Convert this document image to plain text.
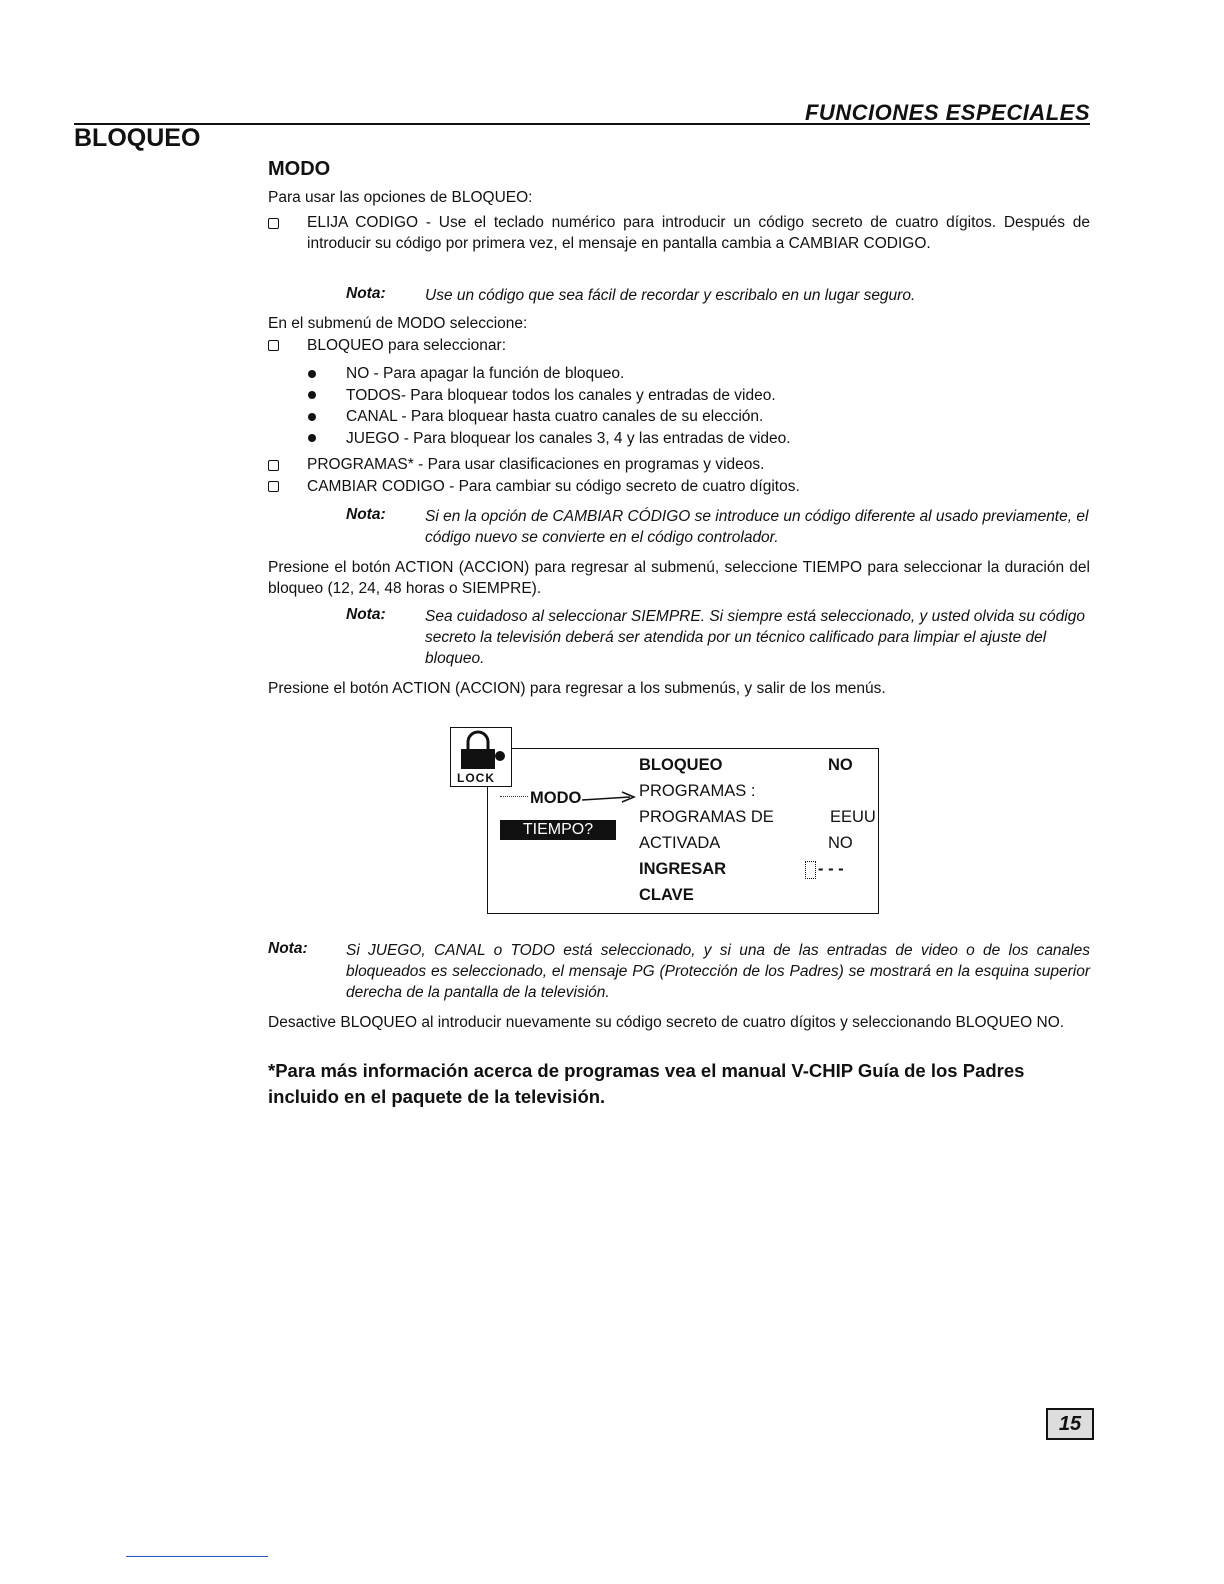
FUNCIONES ESPECIALES
BLOQUEO
MODO
Para usar las opciones de BLOQUEO:
ELIJA CODIGO - Use el teclado numérico para introducir un código secreto de cuatro dígitos. Después de introducir su código por primera vez, el mensaje en pantalla cambia a CAMBIAR CODIGO.
Nota:	Use un código que sea fácil de recordar y escribalo en un lugar seguro.
En el submenú de MODO seleccione:
BLOQUEO para seleccionar:
NO - Para apagar la función de bloqueo.
TODOS- Para bloquear todos los canales y entradas de video.
CANAL - Para bloquear hasta cuatro canales de su elección.
JUEGO - Para bloquear los canales 3, 4 y las entradas de video.
PROGRAMAS* - Para usar clasificaciones en programas y videos.
CAMBIAR CODIGO - Para cambiar su código secreto de cuatro dígitos.
Nota:	Si en la opción de CAMBIAR CÓDIGO se introduce un código diferente al usado previamente, el código nuevo se convierte en el código controlador.
Presione el botón ACTION (ACCION) para regresar al submenú, seleccione TIEMPO para seleccionar la duración del bloqueo (12, 24, 48 horas o SIEMPRE).
Nota:	Sea cuidadoso al seleccionar SIEMPRE. Si siempre está seleccionado, y usted olvida su código secreto la televisión deberá ser atendida por un técnico calificado para limpiar el ajuste del bloqueo.
Presione el botón ACTION (ACCION) para regresar a los submenús, y salir de los menús.
LOCK
MODO
TIEMPO?
BLOQUEO	NO
PROGRAMAS :
PROGRAMAS DE	EEUU
ACTIVADA	NO
INGRESAR	- - -
CLAVE
Nota: Si JUEGO, CANAL o TODO está seleccionado, y si una de las entradas de video o de los canales bloqueados es seleccionado, el mensaje PG (Protección de los Padres) se mostrará en la esquina superior derecha de la pantalla de la televisión.
Desactive BLOQUEO al introducir nuevamente su código secreto de cuatro dígitos y seleccionando BLOQUEO NO.
*Para más información acerca de programas vea el manual V-CHIP Guía de los Padres incluido en el paquete de la televisión.
15
